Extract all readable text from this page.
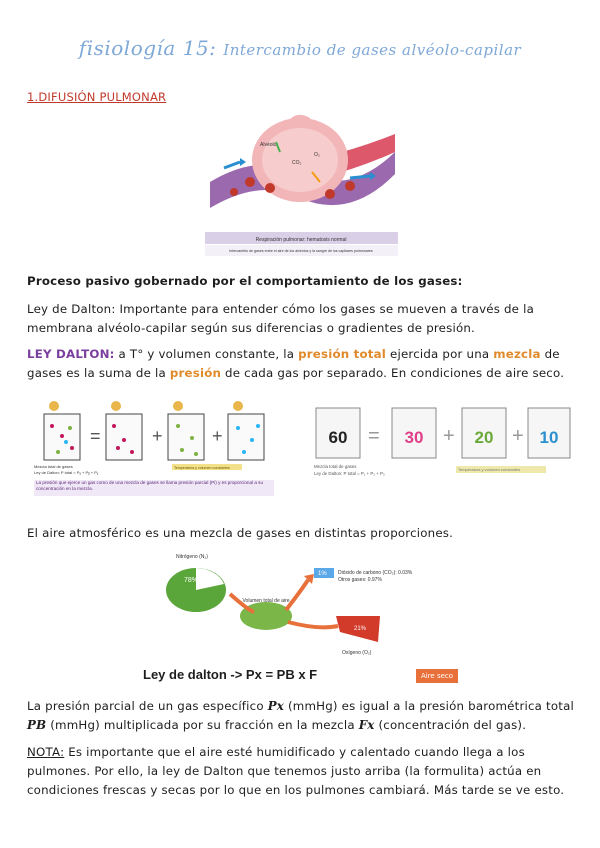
fisiología 15: Intercambio de gases alvéolo-capilar
1.DIFUSIÓN PULMONAR
Alvéolo
CO₂
O₂
Respiración pulmonar: hematosis normal
Intercambio de gases entre el aire de los alvéolos y la sangre de los capilares pulmonares
Proceso pasivo gobernado por el comportamiento de los gases:
Ley de Dalton: Importante para entender cómo los gases se mueven a través de la membrana alvéolo-capilar según sus diferencias o gradientes de presión.
LEY DALTON: a T° y volumen constante, la presión total ejercida por una mezcla de gases es la suma de la presión de cada gas por separado. En condiciones de aire seco.
=	+	+
Mezcla total de gases
Ley de Dalton: P total = Pₐ + Pᵦ + Pᵪ
Temperatura y volumen constantes
La presión que ejerce un gas como de una mezcla de gases se llama presión parcial (Pi) y es proporcional a su concentración en la mezcla.
60	30	20	10
=	+	+
Mezcla total de gases
Ley de Dalton: P total = P₁ + P₂ + P₃
Temperatura y volumen constantes
El aire atmosférico es una mezcla de gases en distintas proporciones.
Nitrógeno (N₂)
78%
Volumen total de aire
1% Dióxido de carbono (CO₂): 0.03%
Otros gases: 0.97%
21%
Oxígeno (O₂)
Ley de dalton -> Px = PB x F	Aire seco
La presión parcial de un gas específico Px (mmHg) es igual a la presión barométrica total PB (mmHg) multiplicada por su fracción en la mezcla Fx (concentración del gas).
NOTA: Es importante que el aire esté humidificado y calentado cuando llega a los pulmones. Por ello, la ley de Dalton que tenemos justo arriba (la formulita) actúa en condiciones frescas y secas por lo que en los pulmones cambiará. Más tarde se ve esto.
